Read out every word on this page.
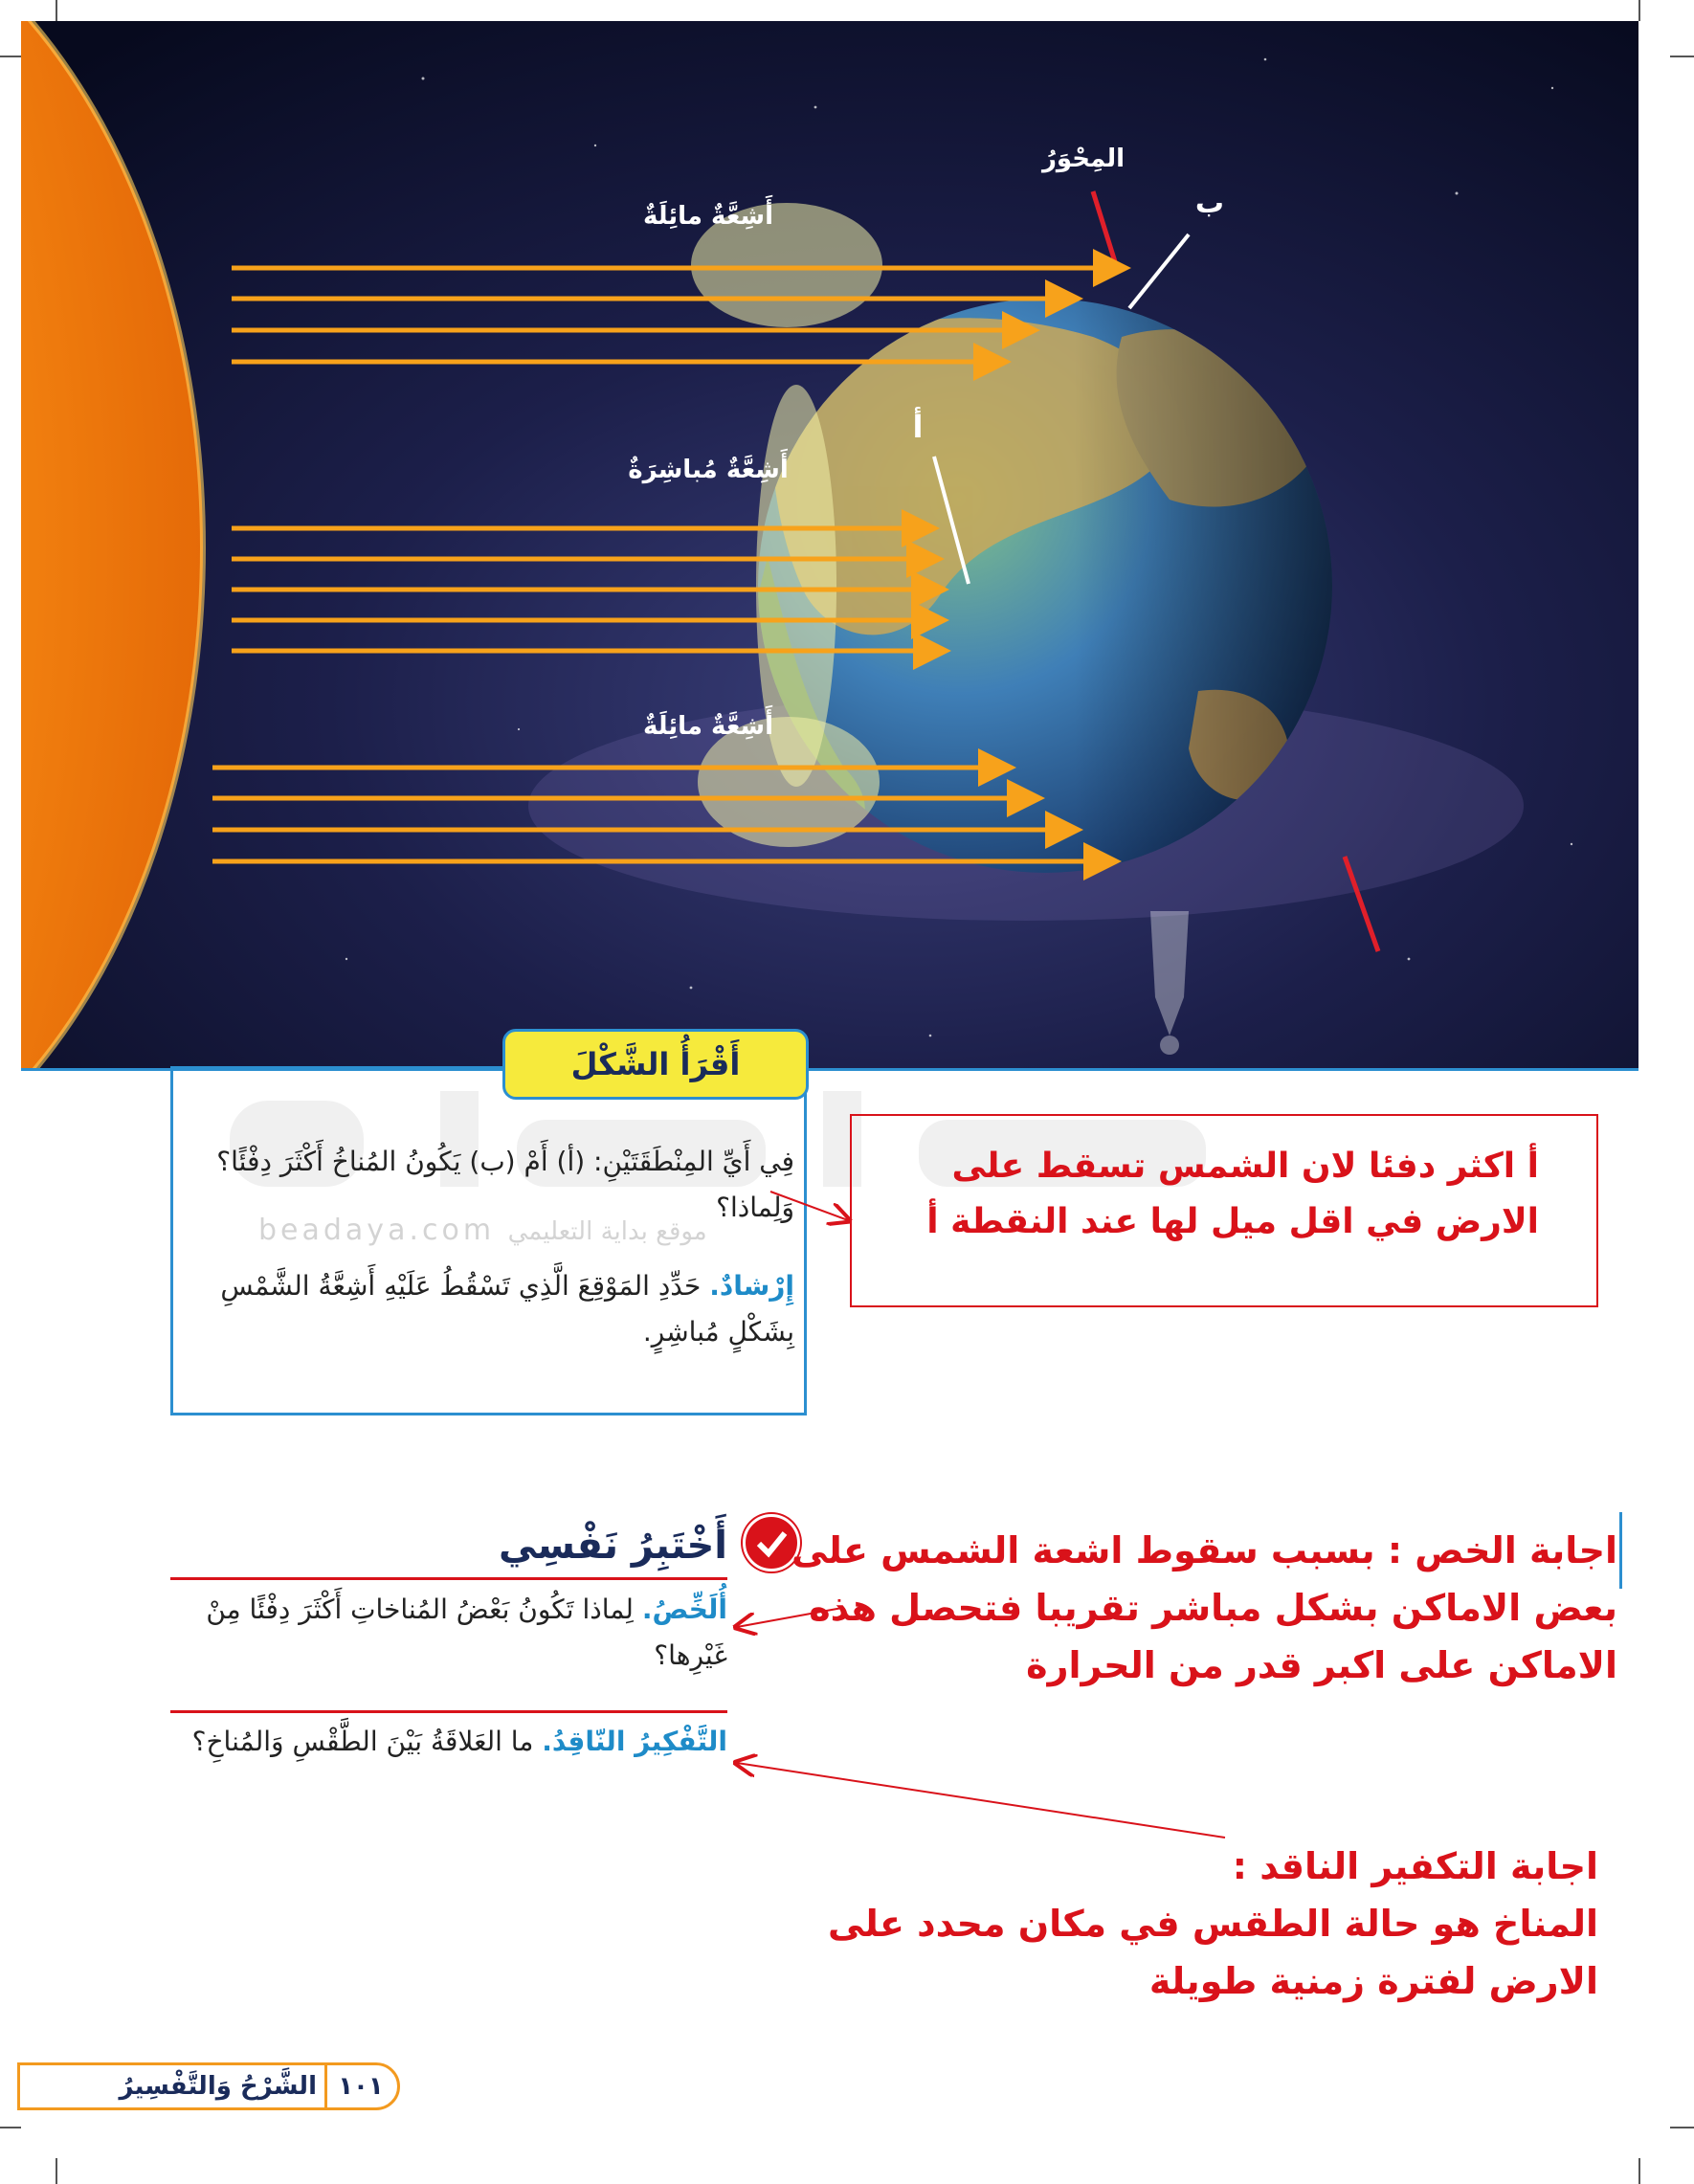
المِحْوَرُ
ب
أ
أَشِعَّةٌ مائِلَةٌ
أَشِعَّةٌ مُباشِرَةٌ
أَشِعَّةٌ مائِلَةٌ
أَقْرَأُ الشَّكْلَ
فِي أَيِّ المِنْطَقَتَيْنِ: (أ) أَمْ (ب) يَكُونُ المُناخُ أَكْثَرَ دِفْئًا؟ وَلِماذا؟
إِرْشادٌ. حَدِّدِ المَوْقِعَ الَّذِي تَسْقُطُ عَلَيْهِ أَشِعَّةُ الشَّمْسِ بِشَكْلٍ مُباشِرٍ.
beadaya.com موقع بداية التعليمي
أ اكثر دفئا لان الشمس تسقط على
الارض في اقل ميل لها عند النقطة أ
أَخْتَبِرُ نَفْسِي
أُلَخِّصُ. لِماذا تَكُونُ بَعْضُ المُناخاتِ أَكْثَرَ دِفْئًا مِنْ غَيْرِها؟
التَّفْكِيرُ النّاقِدُ. ما العَلاقَةُ بَيْنَ الطَّقْسِ وَالمُناخِ؟
اجابة الخص : بسبب سقوط اشعة الشمس على
بعض الاماكن بشكل مباشر تقريبا فتحصل هذه
الاماكن على اكبر قدر من الحرارة
اجابة التكفير الناقد :
المناخ هو حالة الطقس في مكان محدد على
الارض لفترة زمنية طويلة
الشَّرْحُ وَالتَّفْسِيرُ ١٠١
